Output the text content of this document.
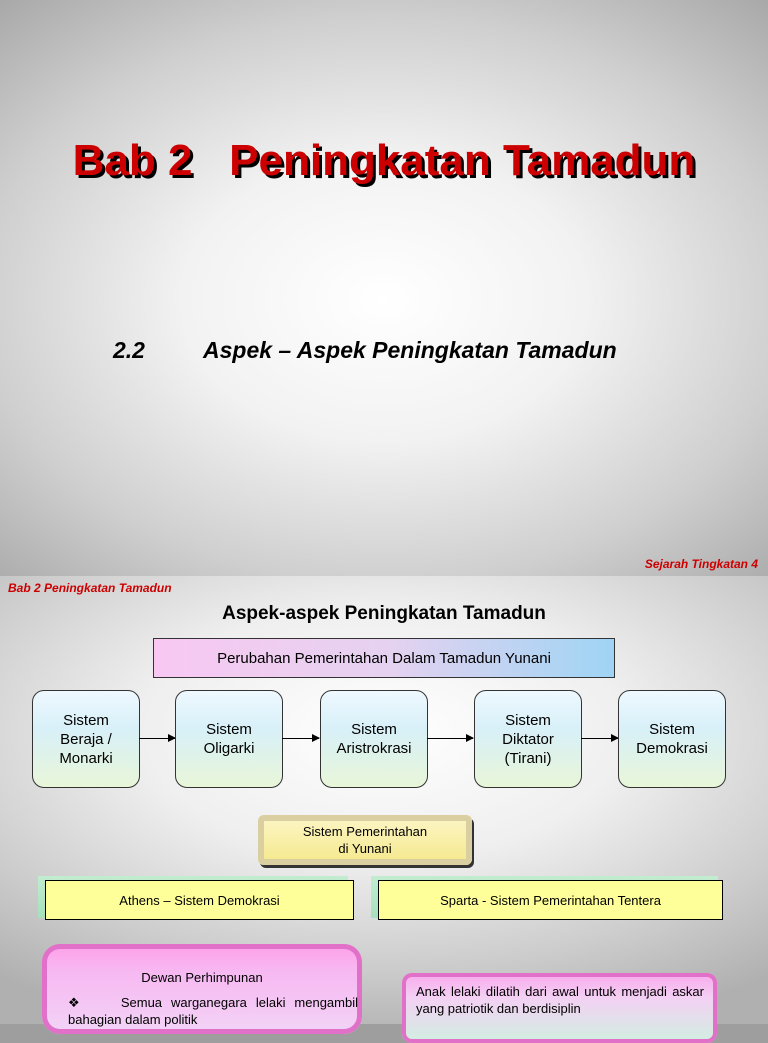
Bab 2   Peningkatan Tamadun
2.2	Aspek – Aspek Peningkatan Tamadun
Sejarah Tingkatan 4
Bab 2 Peningkatan Tamadun
Aspek-aspek Peningkatan Tamadun
Perubahan Pemerintahan Dalam Tamadun Yunani
Sistem
Beraja /
Monarki
Sistem
Oligarki
Sistem
Aristrokrasi
Sistem
Diktator
(Tirani)
Sistem
Demokrasi
Sistem Pemerintahan
di Yunani
Athens – Sistem Demokrasi	Sparta - Sistem Pemerintahan Tentera
Dewan Perhimpunan
❖	Semua warganegara lelaki mengambil bahagian dalam politik
Anak lelaki dilatih dari awal untuk menjadi askar yang patriotik dan berdisiplin
